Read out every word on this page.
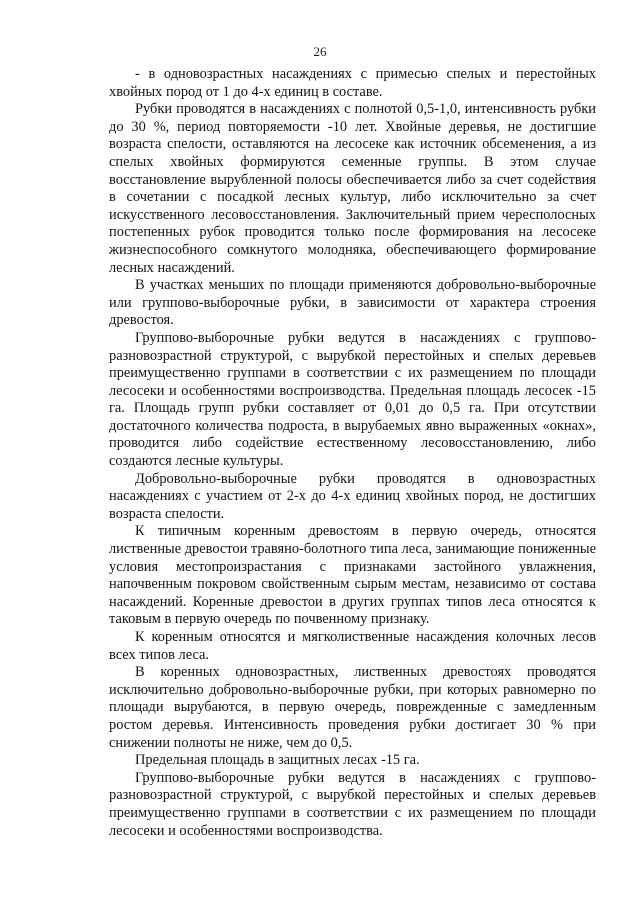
26

- в одновозрастных насаждениях с примесью спелых и перестойных хвойных пород от 1 до 4-х единиц в составе.

Рубки проводятся в насаждениях с полнотой 0,5-1,0, интенсивность рубки до 30 %, период повторяемости -10 лет. Хвойные деревья, не достигшие возраста спелости, оставляются на лесосеке как источник обсеменения, а из спелых хвойных формируются семенные группы. В этом случае восстановление вырубленной полосы обеспечивается либо за счет содействия в сочетании с посадкой лесных культур, либо исключительно за счет искусственного лесовосстановления. Заключительный прием чересполосных постепенных рубок проводится только после формирования на лесосеке жизнеспособного сомкнутого молодняка, обеспечивающего формирование лесных насаждений.

В участках меньших по площади применяются добровольно-выборочные или группово-выборочные рубки, в зависимости от характера строения древостоя.

Группово-выборочные рубки ведутся в насаждениях с группово-разновозрастной структурой, с вырубкой перестойных и спелых деревьев преимущественно группами в соответствии с их размещением по площади лесосеки и особенностями воспроизводства. Предельная площадь лесосек -15 га. Площадь групп рубки составляет от 0,01 до 0,5 га. При отсутствии достаточного количества подроста, в вырубаемых явно выраженных «окнах», проводится либо содействие естественному лесовосстановлению, либо создаются лесные культуры.

Добровольно-выборочные рубки проводятся в одновозрастных насаждениях с участием от 2-х до 4-х единиц хвойных пород, не достигших возраста спелости.

К типичным коренным древостоям в первую очередь, относятся лиственные древостои травяно-болотного типа леса, занимающие пониженные условия местопроизрастания с признаками застойного увлажнения, напочвенным покровом свойственным сырым местам, независимо от состава насаждений. Коренные древостои в других группах типов леса относятся к таковым в первую очередь по почвенному признаку.

К коренным относятся и мягколиственные насаждения колочных лесов всех типов леса.

В коренных одновозрастных, лиственных древостоях проводятся исключительно добровольно-выборочные рубки, при которых равномерно по площади вырубаются, в первую очередь, поврежденные с замедленным ростом деревья. Интенсивность проведения рубки достигает 30 % при снижении полноты не ниже, чем до 0,5.

Предельная площадь в защитных лесах -15 га.

Группово-выборочные рубки ведутся в насаждениях с группово-разновозрастной структурой, с вырубкой перестойных и спелых деревьев преимущественно группами в соответствии с их размещением по площади лесосеки и особенностями воспроизводства.
